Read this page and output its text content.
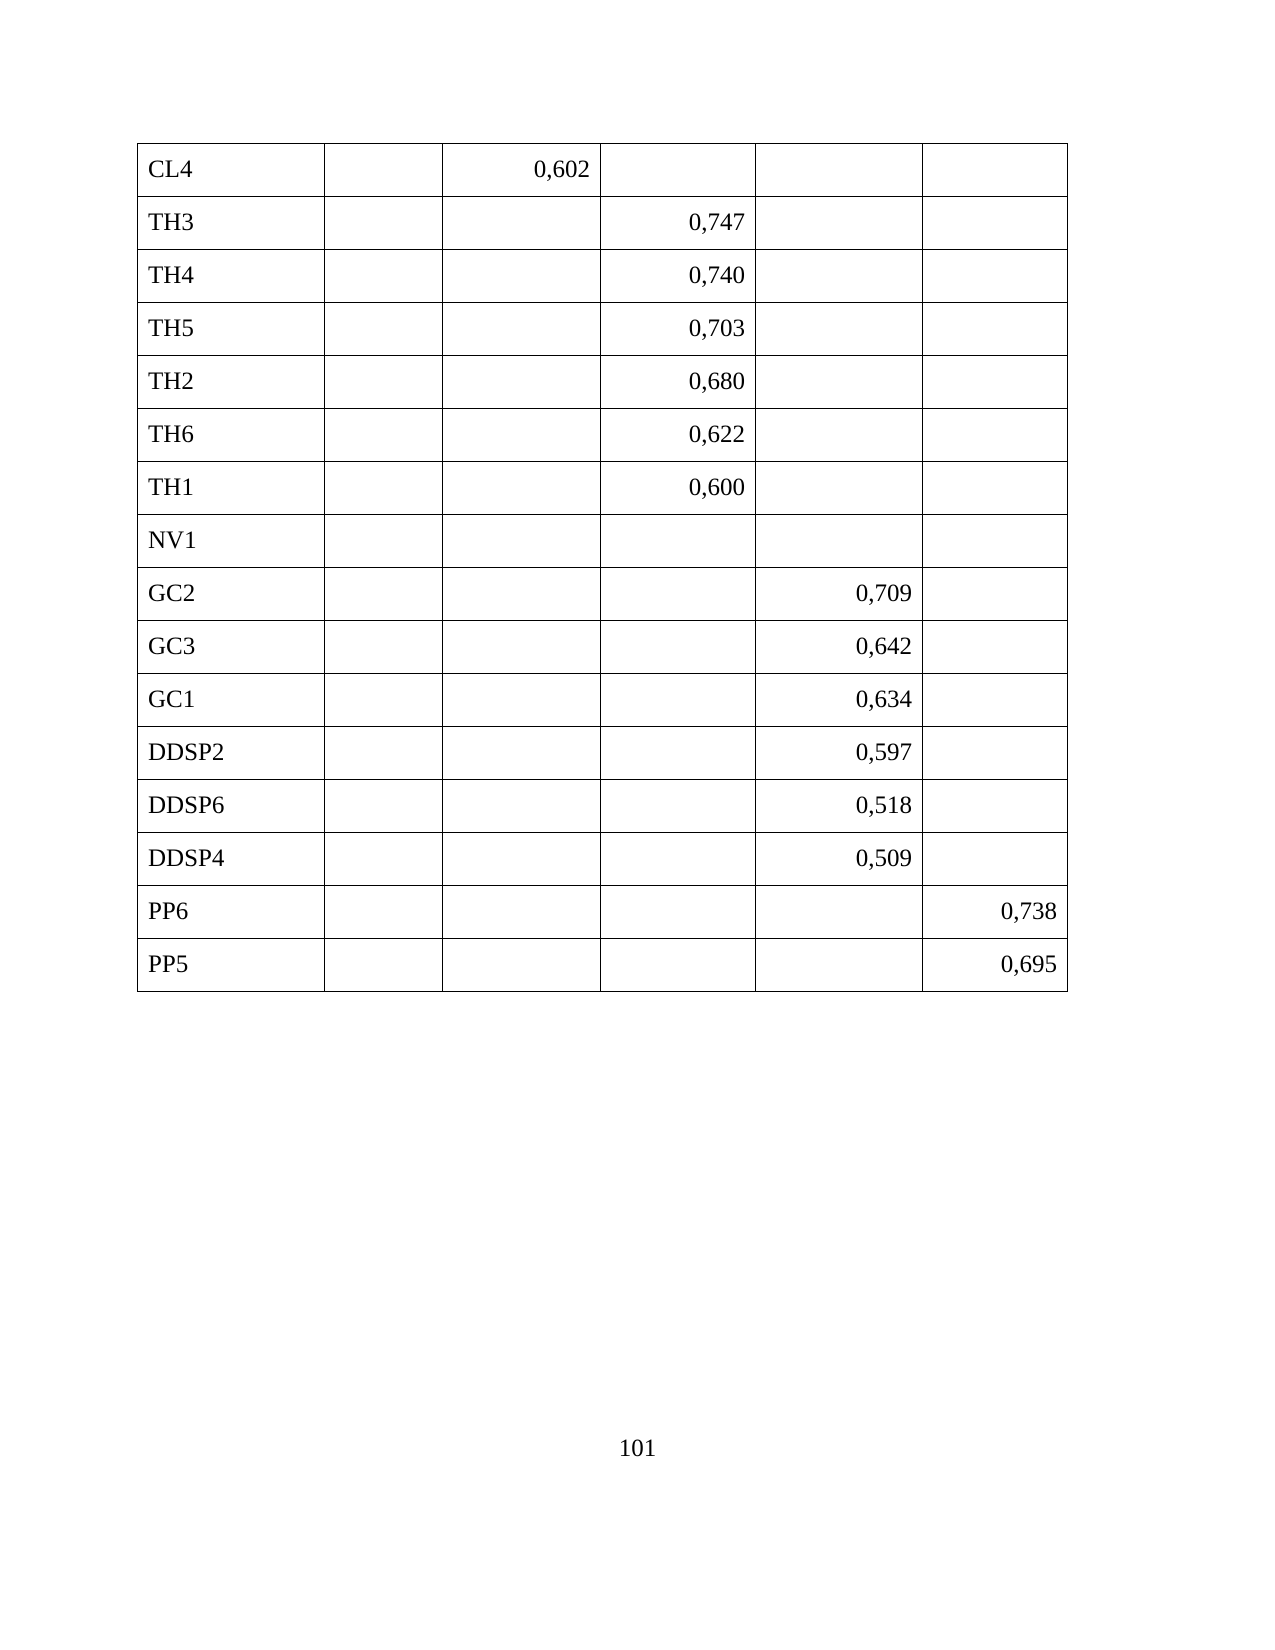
CL4		0,602			
TH3			0,747		
TH4			0,740		
TH5			0,703		
TH2			0,680		
TH6			0,622		
TH1			0,600		
NV1					
GC2				0,709	
GC3				0,642	
GC1				0,634	
DDSP2				0,597	
DDSP6				0,518	
DDSP4				0,509	
PP6					0,738
PP5					0,695
101
